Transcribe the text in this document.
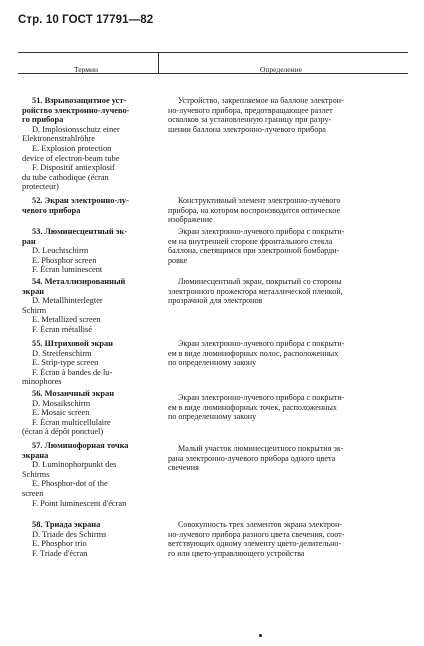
Стр. 10 ГОСТ 17791—82
Термин	Определение
51. Взрывозащитное уст-
ройство электронно-лучево-
го прибора
D. Implosionsschutz einer
Elektronenstrahlröhre
E. Explosion protection
device of electron-beam tube
F. Dispositif antiexplosif
du tube cathodique (écran
protecteur)
Устройство, закрепляемое на баллоне электрон-
но-лучевого прибора, предотвращающее разлет
осколков за установленную границу при разру-
шении баллона электронно-лучевого прибора
52. Экран электронно-лу-
чевого прибора
Конструктивный элемент электронно-лучевого
прибора, на котором воспроизводится оптическое
изображение
53. Люминесцентный эк-
ран
D. Leuchtschirm
E. Phosphor screen
F. Écran luminescent
Экран электронно-лучевого прибора с покрыти-
ем на внутренней стороне фронтального стекла
баллона, светящимся при электронной бомбарди-
ровке
54. Металлизированный
экран
D. Metallhinterlegter
Schirm
E. Metallized screen
F. Écran métallisé
Люминесцентный экран, покрытый со стороны
электронного прожектора металлической пленкой,
прозрачной для электронов
55. Штриховой экран
D. Streifenschirm
E. Strip-type screen
F. Écran à bandes de lu-
minophores
Экран электронно-лучевого прибора с покрыти-
ем в виде люминофорных полос, расположенных
по определенному закону
56. Мозаичный экран
D. Mosaikschirm
E. Mosaic screen
F. Écran multicellulaire
(écran à dépôt ponctuel)
Экран электронно-лучевого прибора с покрыти-
ем в виде люминофорных точек, расположенных
по определенному закону
57. Люминофорная точка
экрана
D. Luminophorpunkt des
Schirms
E. Phosphor-dot of the
screen
F. Point luminescent d'écran
Малый участок люминесцентного покрытия эк-
рана электронно-лучевого прибора одного цвета
свечения
58. Триада экрана
D. Triade des Schirms
E. Phosphor trio
F. Triade d'écran
Совокупность трех элементов экрана электрон-
но-лучевого прибора разного цвета свечения, соот-
ветствующих одному элементу цвето-делительно-
го или цвето-управляющего устройства
